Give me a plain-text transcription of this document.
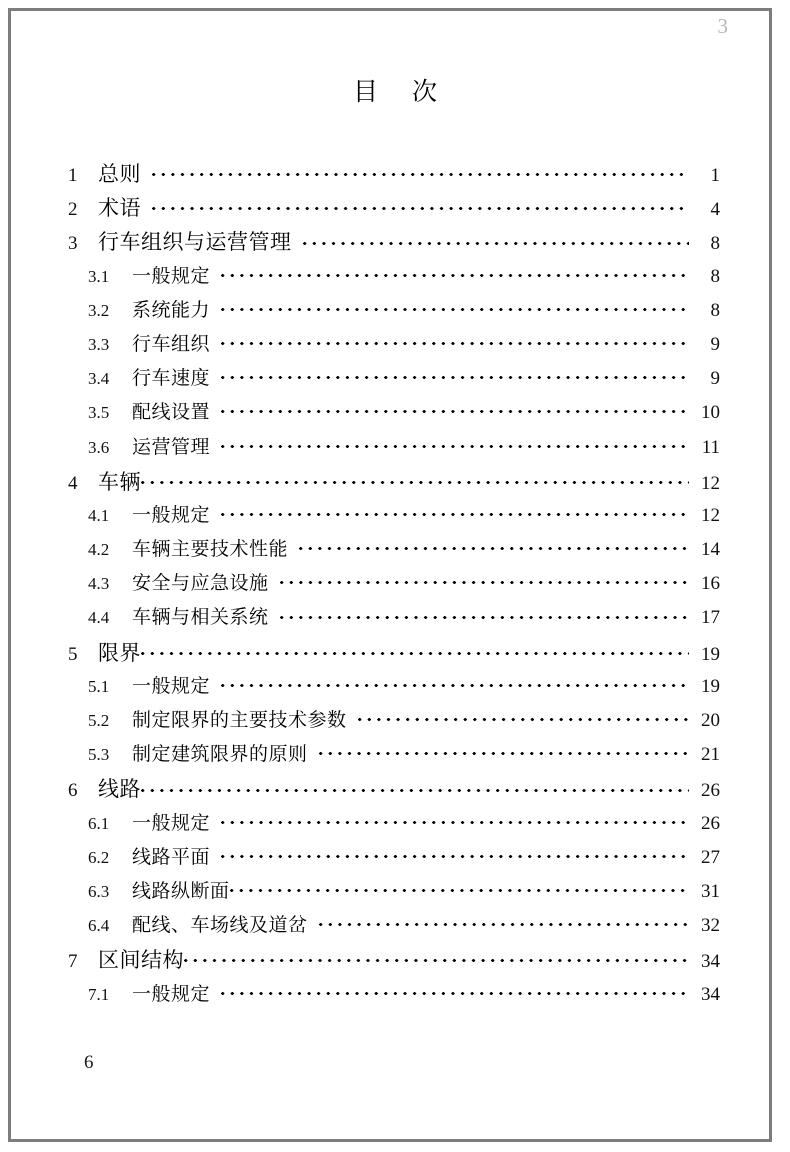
3
目 次
1 总则	1
2 术语	4
3 行车组织与运营管理	8
3.1	一般规定	8
3.2	系统能力	8
3.3	行车组织	9
3.4	行车速度	9
3.5	配线设置	10
3.6	运营管理	11
4 车辆	12
4.1	一般规定	12
4.2	车辆主要技术性能	14
4.3	安全与应急设施	16
4.4	车辆与相关系统	17
5 限界	19
5.1	一般规定	19
5.2	制定限界的主要技术参数	20
5.3	制定建筑限界的原则	21
6 线路	26
6.1	一般规定	26
6.2	线路平面	27
6.3	线路纵断面	31
6.4	配线、车场线及道岔	32
7 区间结构	34
7.1	一般规定	34
6
